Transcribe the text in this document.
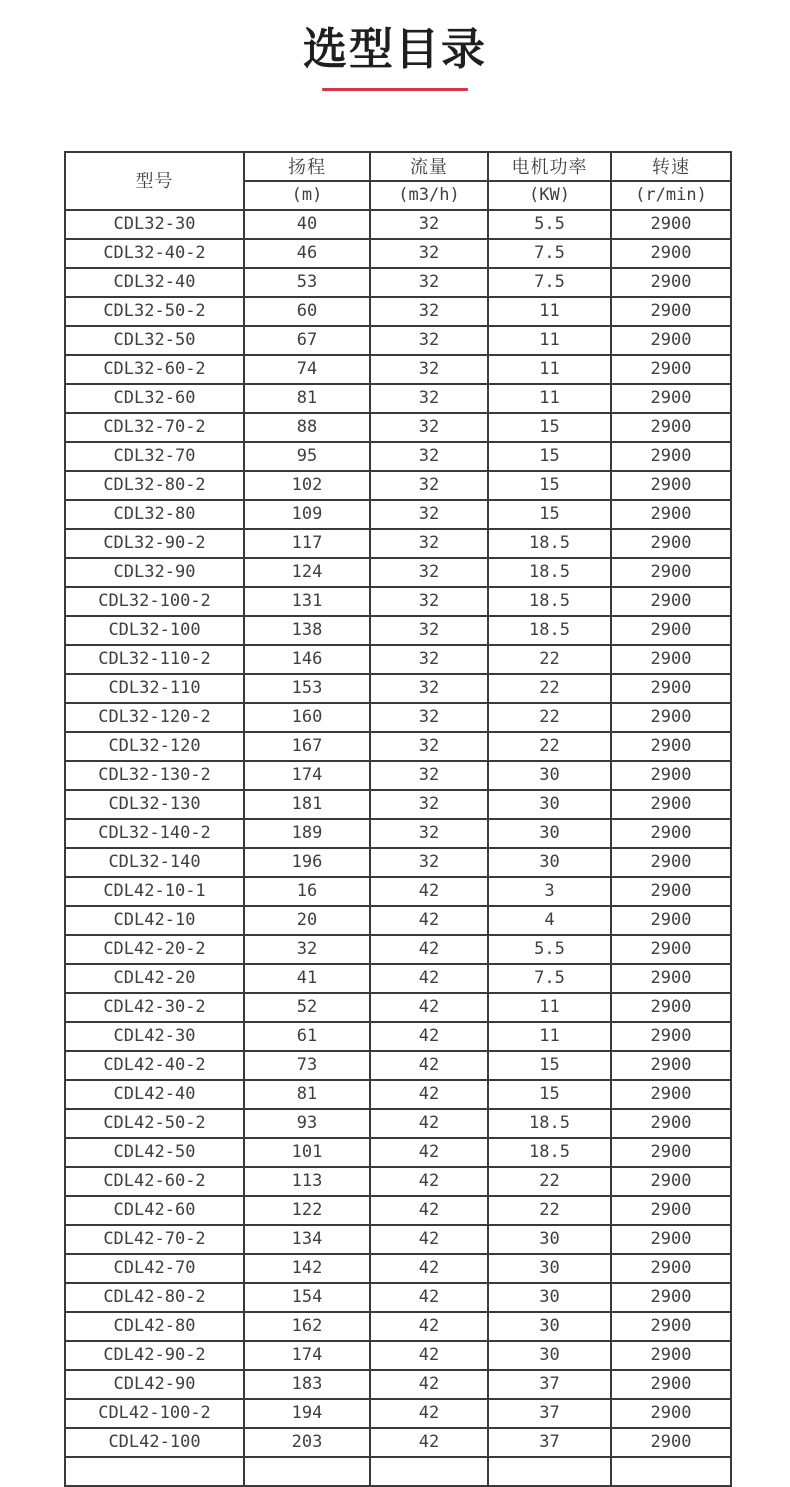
选型目录
型号	扬程	流量	电机功率	转速
	(m)	(m3/h)	(KW)	(r/min)
CDL32-30	40	32	5.5	2900
CDL32-40-2	46	32	7.5	2900
CDL32-40	53	32	7.5	2900
CDL32-50-2	60	32	11	2900
CDL32-50	67	32	11	2900
CDL32-60-2	74	32	11	2900
CDL32-60	81	32	11	2900
CDL32-70-2	88	32	15	2900
CDL32-70	95	32	15	2900
CDL32-80-2	102	32	15	2900
CDL32-80	109	32	15	2900
CDL32-90-2	117	32	18.5	2900
CDL32-90	124	32	18.5	2900
CDL32-100-2	131	32	18.5	2900
CDL32-100	138	32	18.5	2900
CDL32-110-2	146	32	22	2900
CDL32-110	153	32	22	2900
CDL32-120-2	160	32	22	2900
CDL32-120	167	32	22	2900
CDL32-130-2	174	32	30	2900
CDL32-130	181	32	30	2900
CDL32-140-2	189	32	30	2900
CDL32-140	196	32	30	2900
CDL42-10-1	16	42	3	2900
CDL42-10	20	42	4	2900
CDL42-20-2	32	42	5.5	2900
CDL42-20	41	42	7.5	2900
CDL42-30-2	52	42	11	2900
CDL42-30	61	42	11	2900
CDL42-40-2	73	42	15	2900
CDL42-40	81	42	15	2900
CDL42-50-2	93	42	18.5	2900
CDL42-50	101	42	18.5	2900
CDL42-60-2	113	42	22	2900
CDL42-60	122	42	22	2900
CDL42-70-2	134	42	30	2900
CDL42-70	142	42	30	2900
CDL42-80-2	154	42	30	2900
CDL42-80	162	42	30	2900
CDL42-90-2	174	42	30	2900
CDL42-90	183	42	37	2900
CDL42-100-2	194	42	37	2900
CDL42-100	203	42	37	2900
